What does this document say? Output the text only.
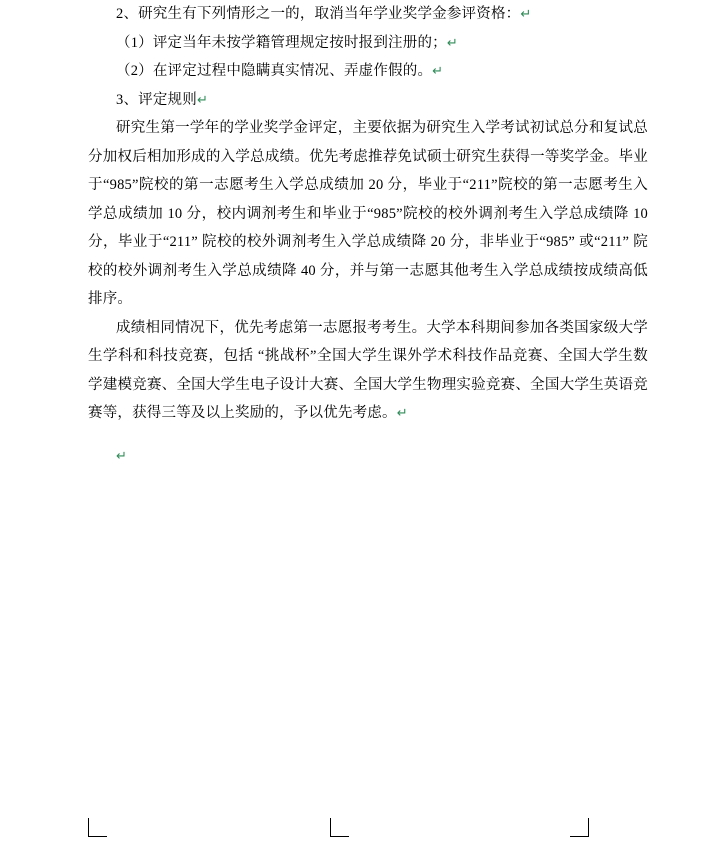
2、研究生有下列情形之一的，取消当年学业奖学金参评资格：↵

（1）评定当年未按学籍管理规定按时报到注册的；↵

（2）在评定过程中隐瞒真实情况、弄虚作假的。↵

3、评定规则↵

研究生第一学年的学业奖学金评定，主要依据为研究生入学考试初试总分和复试总分加权后相加形成的入学总成绩。优先考虑推荐免试硕士研究生获得一等奖学金。毕业于“985”院校的第一志愿考生入学总成绩加 20 分，毕业于“211”院校的第一志愿考生入学总成绩加 10 分，校内调剂考生和毕业于“985”院校的校外调剂考生入学总成绩降 10 分，毕业于“211” 院校的校外调剂考生入学总成绩降 20 分，非毕业于“985” 或“211” 院校的校外调剂考生入学总成绩降 40 分，并与第一志愿其他考生入学总成绩按成绩高低排序。

成绩相同情况下，优先考虑第一志愿报考考生。大学本科期间参加各类国家级大学生学科和科技竞赛，包括 “挑战杯”全国大学生课外学术科技作品竞赛、全国大学生数学建模竞赛、全国大学生电子设计大赛、全国大学生物理实验竞赛、全国大学生英语竞赛等，获得三等及以上奖励的，予以优先考虑。↵

↵
